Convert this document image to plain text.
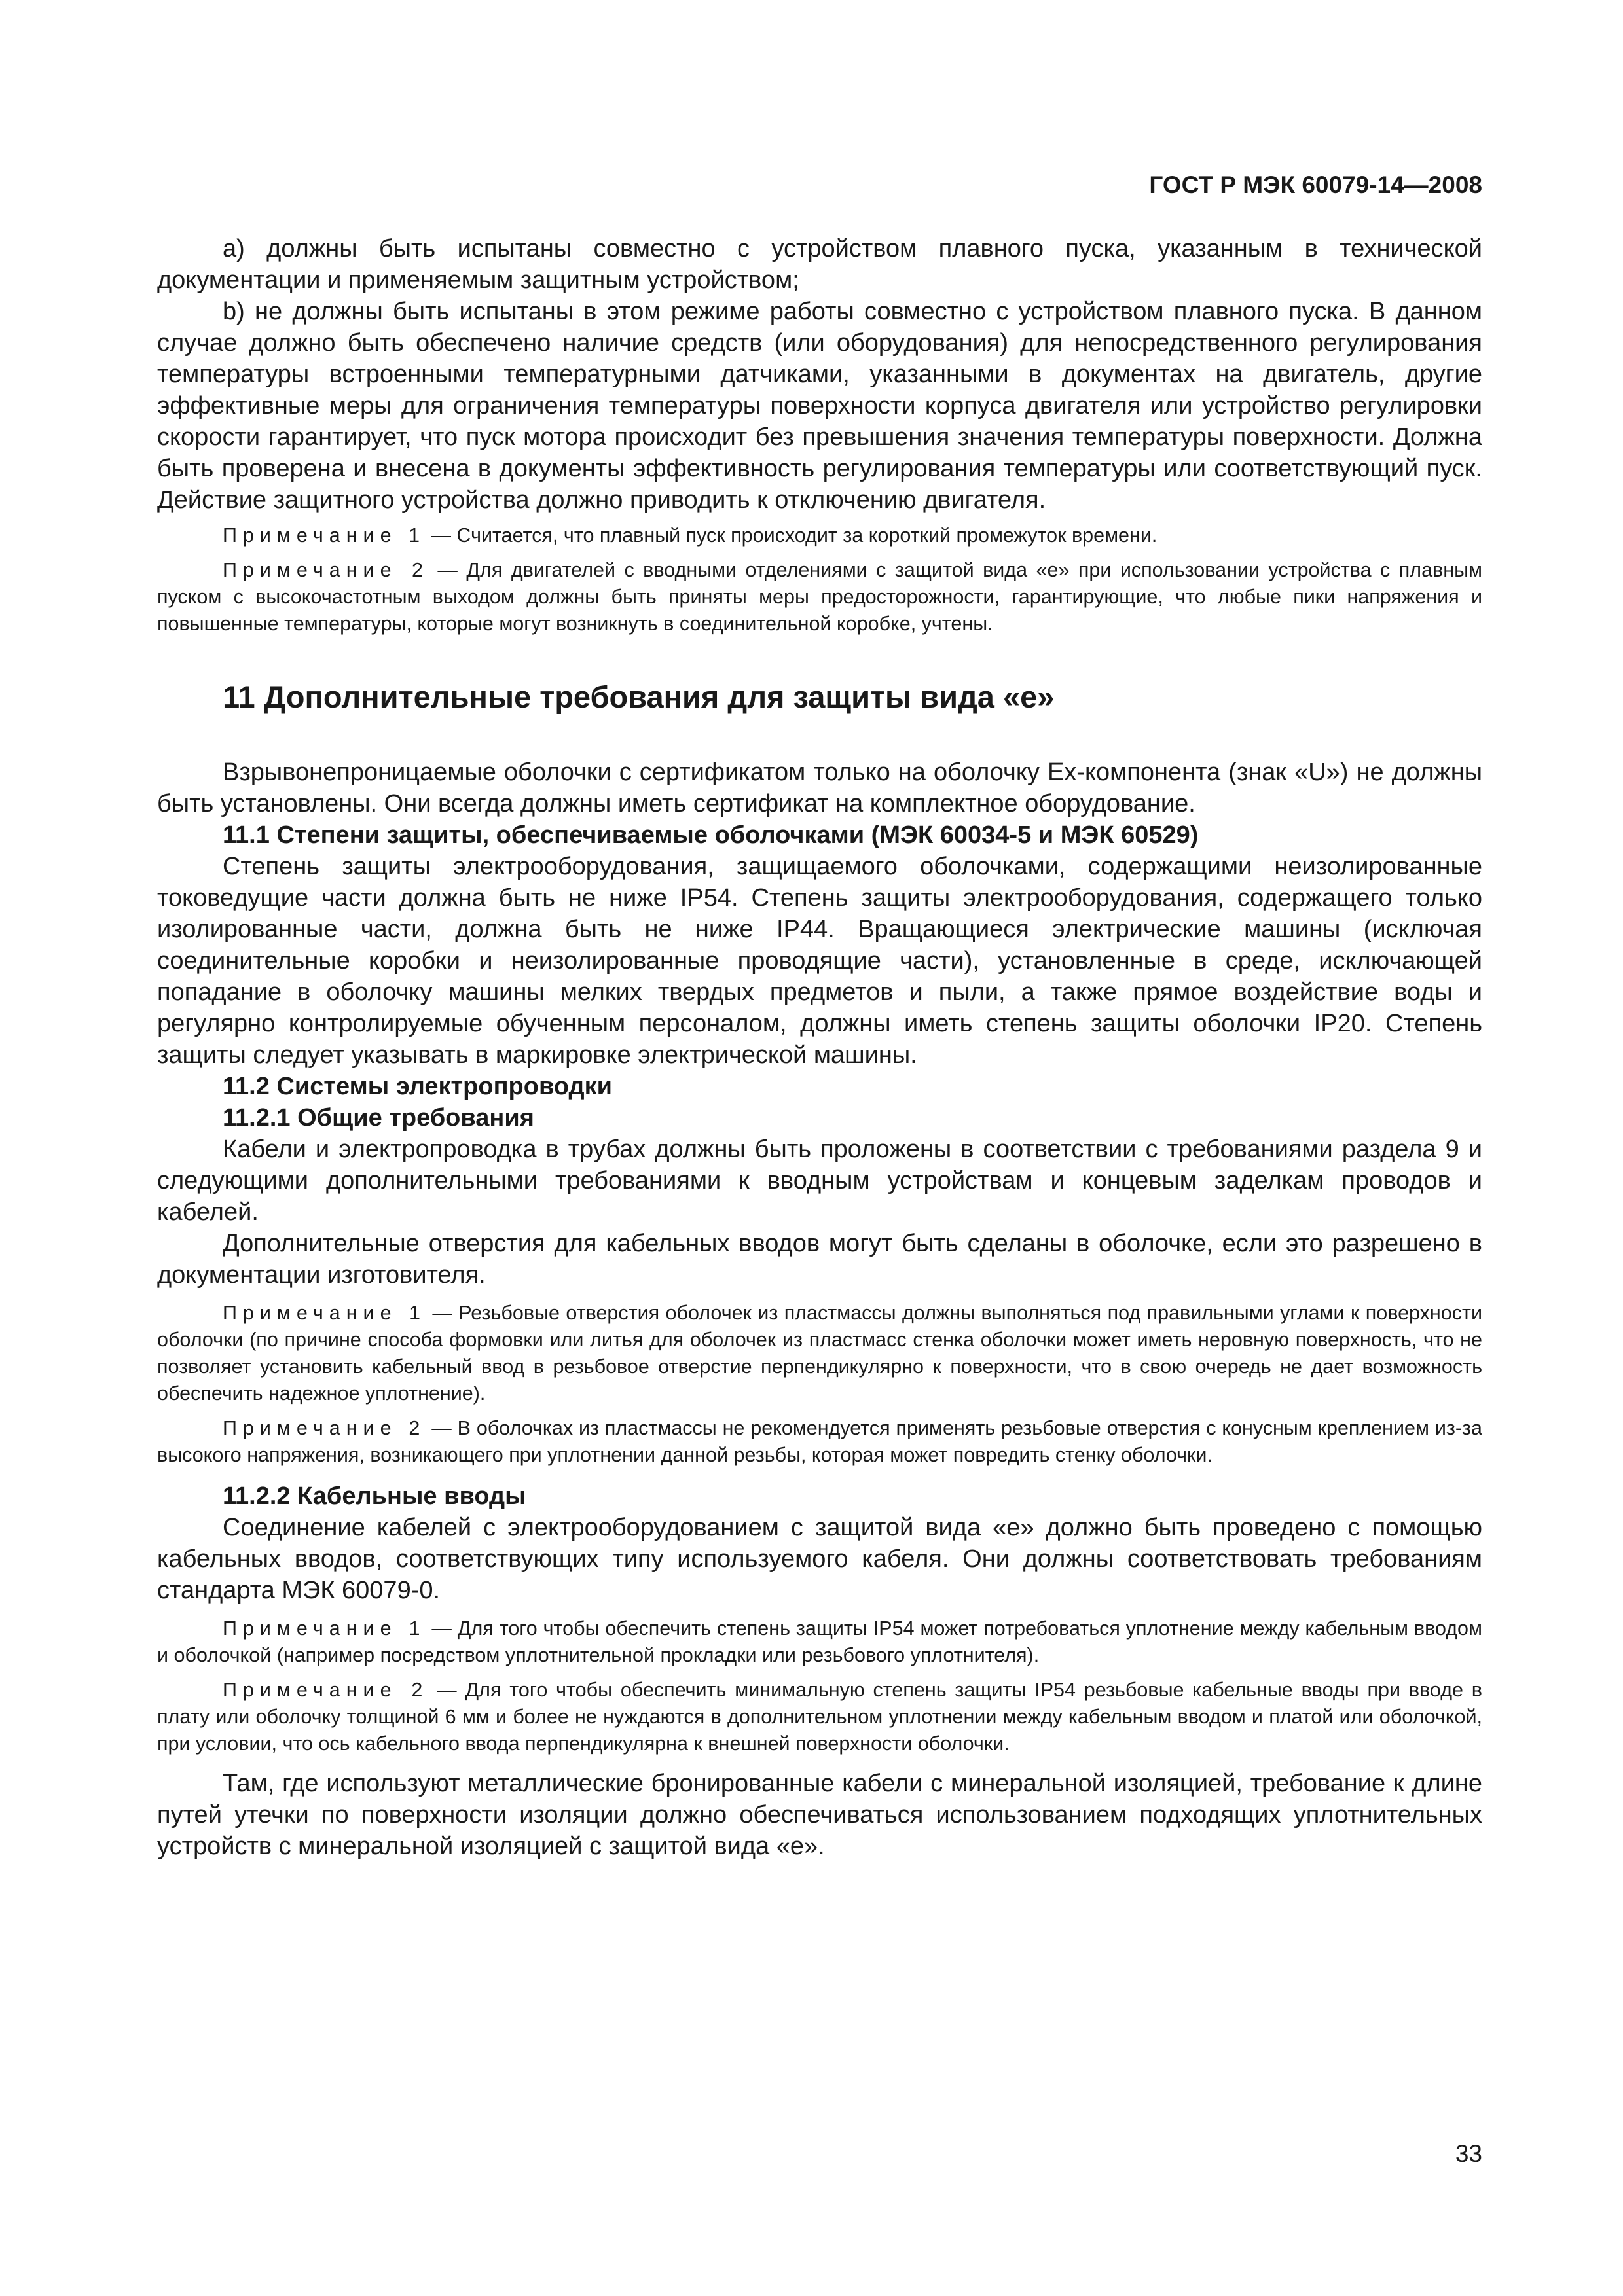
ГОСТ Р МЭК 60079-14—2008

a) должны быть испытаны совместно с устройством плавного пуска, указанным в технической документации и применяемым защитным устройством;

b) не должны быть испытаны в этом режиме работы совместно с устройством плавного пуска. В данном случае должно быть обеспечено наличие средств (или оборудования) для непосредственного регулирования температуры встроенными температурными датчиками, указанными в документах на двигатель, другие эффективные меры для ограничения температуры поверхности корпуса двигателя или устройство регулировки скорости гарантирует, что пуск мотора происходит без превышения значения температуры поверхности. Должна быть проверена и внесена в документы эффективность регулирования температуры или соответствующий пуск. Действие защитного устройства должно приводить к отключению двигателя.

Примечание 1 — Считается, что плавный пуск происходит за короткий промежуток времени.

Примечание 2 — Для двигателей с вводными отделениями с защитой вида «е» при использовании устройства с плавным пуском с высокочастотным выходом должны быть приняты меры предосторожности, гарантирующие, что любые пики напряжения и повышенные температуры, которые могут возникнуть в соединительной коробке, учтены.

11 Дополнительные требования для защиты вида «е»

Взрывонепроницаемые оболочки с сертификатом только на оболочку Ex-компонента (знак «U») не должны быть установлены. Они всегда должны иметь сертификат на комплектное оборудование.

11.1 Степени защиты, обеспечиваемые оболочками (МЭК 60034-5 и МЭК 60529)

Степень защиты электрооборудования, защищаемого оболочками, содержащими неизолированные токоведущие части должна быть не ниже IP54. Степень защиты электрооборудования, содержащего только изолированные части, должна быть не ниже IP44. Вращающиеся электрические машины (исключая соединительные коробки и неизолированные проводящие части), установленные в среде, исключающей попадание в оболочку машины мелких твердых предметов и пыли, а также прямое воздействие воды и регулярно контролируемые обученным персоналом, должны иметь степень защиты оболочки IP20. Степень защиты следует указывать в маркировке электрической машины.

11.2 Системы электропроводки

11.2.1 Общие требования

Кабели и электропроводка в трубах должны быть проложены в соответствии с требованиями раздела 9 и следующими дополнительными требованиями к вводным устройствам и концевым заделкам проводов и кабелей.

Дополнительные отверстия для кабельных вводов могут быть сделаны в оболочке, если это разрешено в документации изготовителя.

Примечание 1 — Резьбовые отверстия оболочек из пластмассы должны выполняться под правильными углами к поверхности оболочки (по причине способа формовки или литья для оболочек из пластмасс стенка оболочки может иметь неровную поверхность, что не позволяет установить кабельный ввод в резьбовое отверстие перпендикулярно к поверхности, что в свою очередь не дает возможность обеспечить надежное уплотнение).

Примечание 2 — В оболочках из пластмассы не рекомендуется применять резьбовые отверстия с конусным креплением из-за высокого напряжения, возникающего при уплотнении данной резьбы, которая может повредить стенку оболочки.

11.2.2 Кабельные вводы

Соединение кабелей с электрооборудованием с защитой вида «е» должно быть проведено с помощью кабельных вводов, соответствующих типу используемого кабеля. Они должны соответствовать требованиям стандарта МЭК 60079-0.

Примечание 1 — Для того чтобы обеспечить степень защиты IP54 может потребоваться уплотнение между кабельным вводом и оболочкой (например посредством уплотнительной прокладки или резьбового уплотнителя).

Примечание 2 — Для того чтобы обеспечить минимальную степень защиты IP54 резьбовые кабельные вводы при вводе в плату или оболочку толщиной 6 мм и более не нуждаются в дополнительном уплотнении между кабельным вводом и платой или оболочкой, при условии, что ось кабельного ввода перпендикулярна к внешней поверхности оболочки.

Там, где используют металлические бронированные кабели с минеральной изоляцией, требование к длине путей утечки по поверхности изоляции должно обеспечиваться использованием подходящих уплотнительных устройств с минеральной изоляцией с защитой вида «е».

33
